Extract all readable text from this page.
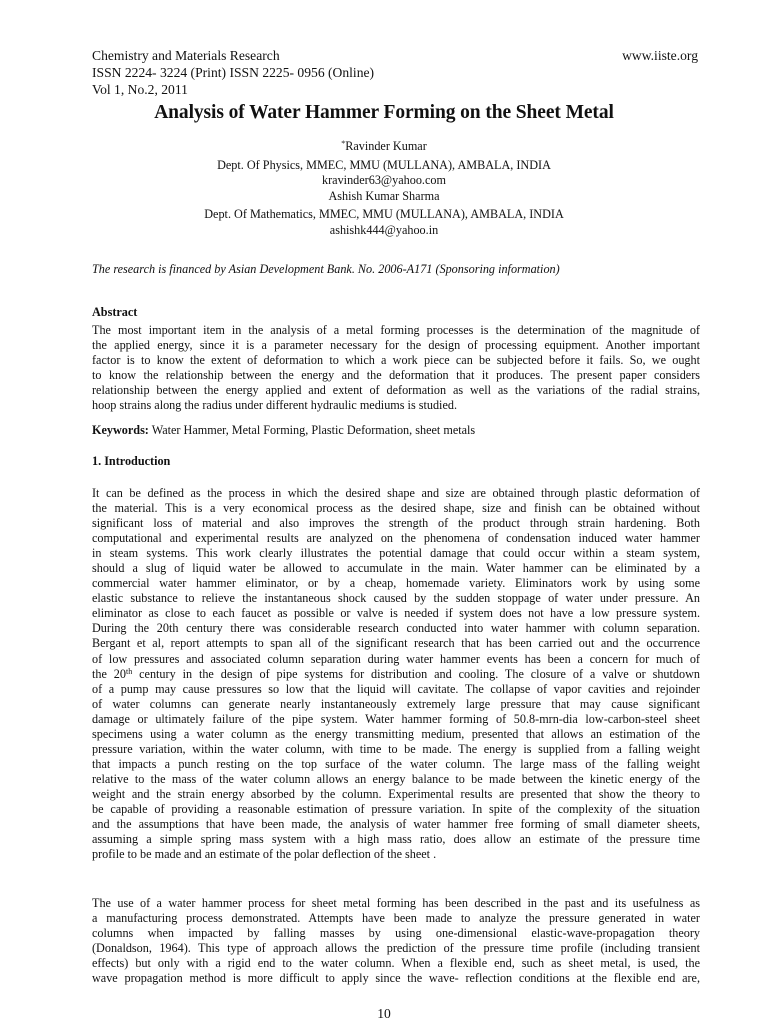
Chemistry and Materials Research
ISSN 2224- 3224 (Print) ISSN 2225- 0956 (Online)
Vol 1, No.2, 2011
www.iiste.org
Analysis of Water Hammer Forming on the Sheet Metal
*Ravinder Kumar
Dept. Of Physics, MMEC, MMU (MULLANA), AMBALA, INDIA
kravinder63@yahoo.com
Ashish Kumar Sharma
Dept. Of Mathematics, MMEC, MMU (MULLANA), AMBALA, INDIA
ashishk444@yahoo.in
The research is financed by Asian Development Bank. No. 2006-A171 (Sponsoring information)
Abstract
The most important item in the analysis of a metal forming processes is the determination of the magnitude of
the applied energy, since it is a parameter necessary for the design of processing equipment. Another important
factor is to know the extent of deformation to which a work piece can be subjected before it fails. So, we ought
to know the relationship between the energy and the deformation that it produces. The present paper considers
relationship between the energy applied and extent of deformation as well as the variations of the radial strains,
hoop strains along the radius under different hydraulic mediums is studied.
Keywords: Water Hammer, Metal Forming, Plastic Deformation, sheet metals
1. Introduction
It can be defined as the process in which the desired shape and size are obtained through plastic deformation of
the material. This is a very economical process as the desired shape, size and finish can be obtained without
significant loss of material and also improves the strength of the product through strain hardening. Both
computational and experimental results are analyzed on the phenomena of condensation induced water hammer
in steam systems. This work clearly illustrates the potential damage that could occur within a steam system,
should a slug of liquid water be allowed to accumulate in the main. Water hammer can be eliminated by a
commercial water hammer eliminator, or by a cheap, homemade variety. Eliminators work by using some
elastic substance to relieve the instantaneous shock caused by the sudden stoppage of water under pressure. An
eliminator as close to each faucet as possible or valve is needed if system does not have a low pressure system.
During the 20th century there was considerable research conducted into water hammer with column separation.
Bergant et al, report attempts to span all of the significant research that has been carried out and the occurrence
of low pressures and associated column separation during water hammer events has been a concern for much of
the 20th century in the design of pipe systems for distribution and cooling. The closure of a valve or shutdown
of a pump may cause pressures so low that the liquid will cavitate. The collapse of vapor cavities and rejoinder
of water columns can generate nearly instantaneously extremely large pressure that may cause significant
damage or ultimately failure of the pipe system. Water hammer forming of 50.8-mrn-dia low-carbon-steel sheet
specimens using a water column as the energy transmitting medium, presented that allows an estimation of the
pressure variation, within the water column, with time to be made. The energy is supplied from a falling weight
that impacts a punch resting on the top surface of the water column. The large mass of the falling weight
relative to the mass of the water column allows an energy balance to be made between the kinetic energy of the
weight and the strain energy absorbed by the column. Experimental results are presented that show the theory to
be capable of providing a reasonable estimation of pressure variation. In spite of the complexity of the situation
and the assumptions that have been made, the analysis of water hammer free forming of small diameter sheets,
assuming a simple spring mass system with a high mass ratio, does allow an estimate of the pressure time
profile to be made and an estimate of the polar deflection of the sheet .
The use of a water hammer process for sheet metal forming has been described in the past and its usefulness as
a manufacturing process demonstrated. Attempts have been made to analyze the pressure generated in water
columns when impacted by falling masses by using one-dimensional elastic-wave-propagation theory
(Donaldson, 1964). This type of approach allows the prediction of the pressure time profile (including transient
effects) but only with a rigid end to the water column. When a flexible end, such as sheet metal, is used, the
wave propagation method is more difficult to apply since the wave- reflection conditions at the flexible end are,
10
